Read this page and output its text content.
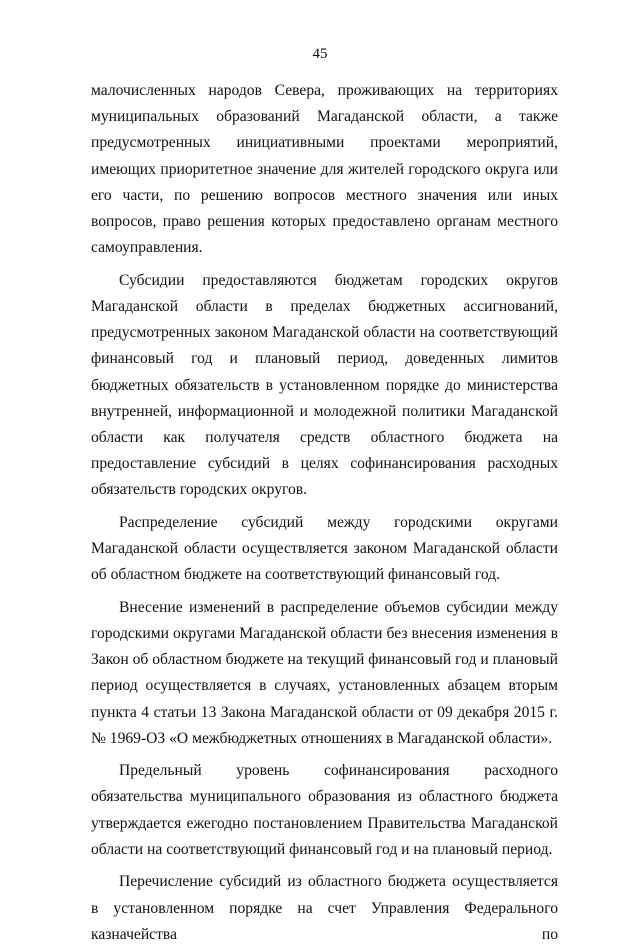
45

малочисленных народов Севера, проживающих на территориях муниципальных образований Магаданской области, а также предусмотренных инициативными проектами мероприятий, имеющих приоритетное значение для жителей городского округа или его части, по решению вопросов местного значения или иных вопросов, право решения которых предоставлено органам местного самоуправления.

Субсидии предоставляются бюджетам городских округов Магаданской области в пределах бюджетных ассигнований, предусмотренных законом Магаданской области на соответствующий финансовый год и плановый период, доведенных лимитов бюджетных обязательств в установленном порядке до министерства внутренней, информационной и молодежной политики Магаданской области как получателя средств областного бюджета на предоставление субсидий в целях софинансирования расходных обязательств городских округов.

Распределение субсидий между городскими округами Магаданской области осуществляется законом Магаданской области об областном бюджете на соответствующий финансовый год.

Внесение изменений в распределение объемов субсидии между городскими округами Магаданской области без внесения изменения в Закон об областном бюджете на текущий финансовый год и плановый период осуществляется в случаях, установленных абзацем вторым пункта 4 статьи 13 Закона Магаданской области от 09 декабря 2015 г. № 1969-ОЗ «О межбюджетных отношениях в Магаданской области».

Предельный уровень софинансирования расходного обязательства муниципального образования из областного бюджета утверждается ежегодно постановлением Правительства Магаданской области на соответствующий финансовый год и на плановый период.

Перечисление субсидий из областного бюджета осуществляется в установленном порядке на счет Управления Федерального казначейства по
